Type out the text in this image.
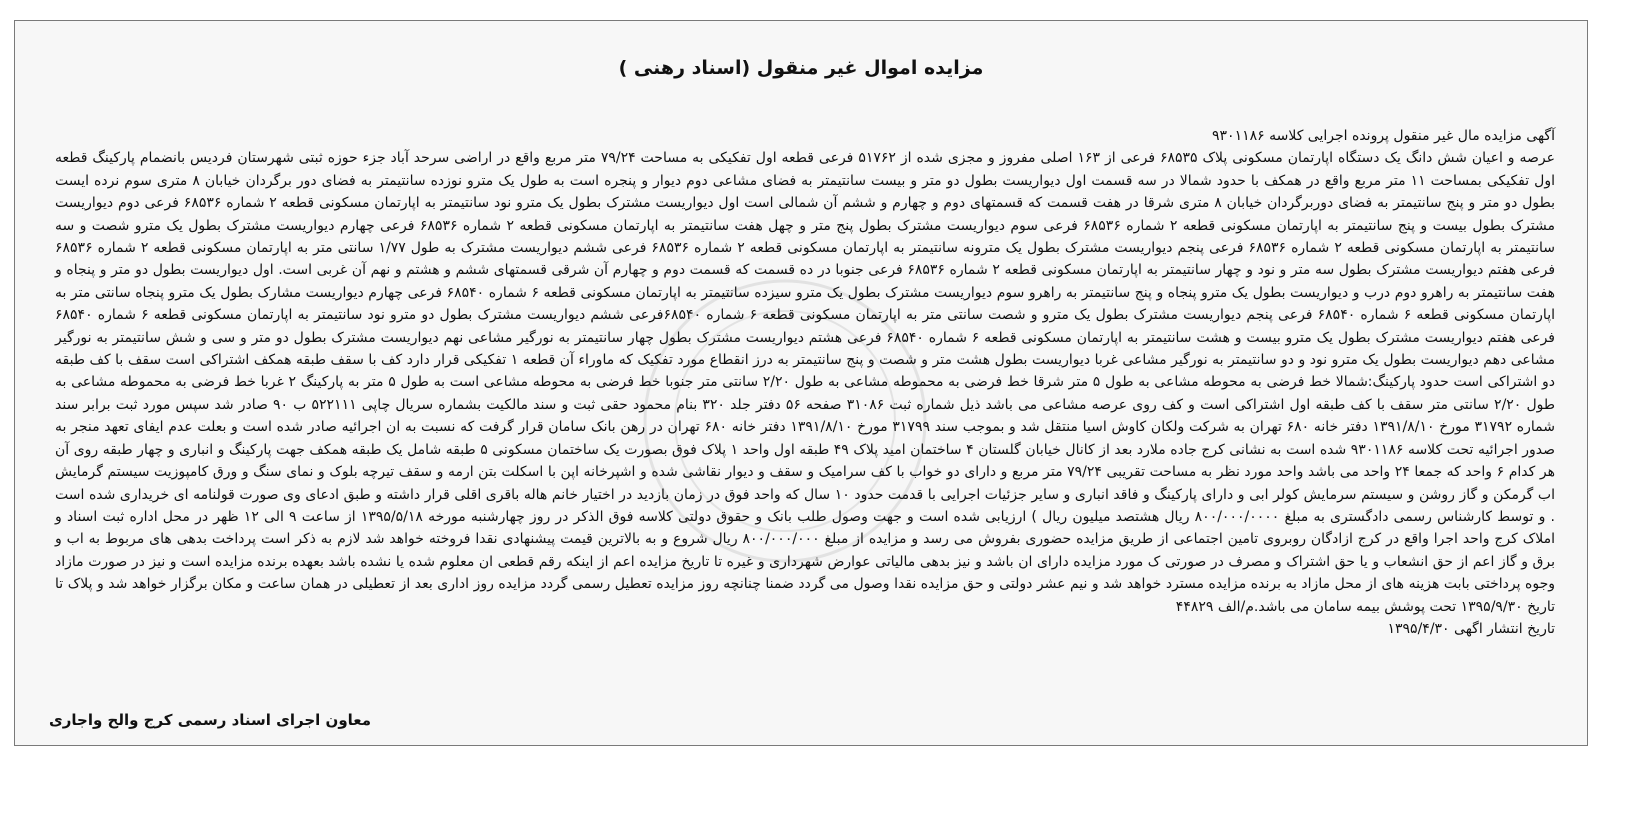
مزایده اموال غیر منقول (اسناد رهنی )

آگهی مزایده مال غیر منقول پرونده اجرایی کلاسه ۹۳۰۱۱۸۶

عرصه و اعیان شش دانگ یک دستگاه اپارتمان مسکونی پلاک ۶۸۵۳۵ فرعی از ۱۶۳ اصلی مفروز و مجزی شده از ۵۱۷۶۲ فرعی قطعه اول تفکیکی به مساحت ۷۹/۲۴ متر مربع واقع در اراضی سرحد آباد جزء حوزه ثبتی شهرستان فردیس بانضمام پارکینگ قطعه اول تفکیکی بمساحت ۱۱ متر مربع واقع در همکف با حدود شمالا در سه قسمت اول دیواریست بطول دو متر و بیست سانتیمتر به فضای مشاعی دوم دیوار و پنجره است به طول یک مترو نوزده سانتیمتر به فضای دور برگردان خیابان ۸ متری سوم نرده ایست بطول دو متر و پنج سانتیمتر به فضای دوربرگردان خیابان ۸ متری شرقا در هفت قسمت که قسمتهای دوم و چهارم و ششم آن شمالی است اول دیواریست مشترک بطول یک مترو نود سانتیمتر به اپارتمان مسکونی قطعه ۲ شماره ۶۸۵۳۶ فرعی دوم دیواریست مشترک بطول بیست و پنج سانتیمتر به اپارتمان مسکونی قطعه ۲ شماره ۶۸۵۳۶ فرعی سوم دیواریست مشترک بطول پنج متر و چهل هفت سانتیمتر به اپارتمان مسکونی قطعه ۲ شماره ۶۸۵۳۶ فرعی چهارم دیواریست مشترک بطول یک مترو شصت و سه سانتیمتر به اپارتمان مسکونی قطعه ۲ شماره ۶۸۵۳۶ فرعی پنجم دیواریست مشترک بطول یک مترونه سانتیمتر به اپارتمان مسکونی قطعه ۲ شماره ۶۸۵۳۶ فرعی ششم دیواریست مشترک به طول ۱/۷۷ سانتی متر به اپارتمان مسکونی قطعه ۲ شماره ۶۸۵۳۶ فرعی هفتم دیواریست مشترک بطول سه متر و نود و چهار سانتیمتر به اپارتمان مسکونی قطعه ۲ شماره ۶۸۵۳۶ فرعی جنوبا در ده قسمت که قسمت دوم و چهارم آن شرقی قسمتهای ششم و هشتم و نهم آن غربی است. اول دیواریست بطول دو متر و پنجاه و هفت سانتیمتر به راهرو دوم درب و دیواریست بطول یک مترو پنجاه و پنج سانتیمتر به راهرو سوم دیواریست مشترک بطول یک مترو سیزده سانتیمتر به اپارتمان مسکونی قطعه ۶ شماره ۶۸۵۴۰ فرعی چهارم دیواریست مشارک بطول یک مترو پنجاه سانتی متر به اپارتمان مسکونی قطعه ۶ شماره ۶۸۵۴۰ فرعی پنجم دیواریست مشترک بطول یک مترو و شصت سانتی متر به اپارتمان مسکونی قطعه ۶ شماره ۶۸۵۴۰فرعی ششم دیواریست مشترک بطول دو مترو نود سانتیمتر به اپارتمان مسکونی قطعه ۶ شماره ۶۸۵۴۰ فرعی هفتم دیواریست مشترک بطول یک مترو بیست و هشت سانتیمتر به اپارتمان مسکونی قطعه ۶ شماره ۶۸۵۴۰ فرعی هشتم دیواریست مشترک بطول چهار سانتیمتر به نورگیر مشاعی نهم دیواریست مشترک بطول دو متر و سی و شش سانتیمتر به نورگیر مشاعی دهم دیواریست بطول یک مترو نود و دو سانتیمتر به نورگیر مشاعی غربا دیواریست بطول هشت متر و شصت و پنج سانتیمتر به درز انقطاع مورد تفکیک که ماوراء آن قطعه ۱ تفکیکی قرار دارد کف با سقف طبقه همکف اشتراکی است سقف با کف طبقه دو اشتراکی است حدود پارکینگ:شمالا خط فرضی به محوطه مشاعی به طول ۵ متر شرقا خط فرضی به محموطه مشاعی به طول ۲/۲۰ سانتی متر جنوبا خط فرضی به محوطه مشاعی است به طول ۵ متر به پارکینگ ۲ غربا خط فرضی به محموطه مشاعی به طول ۲/۲۰ سانتی متر سقف با کف طبقه اول اشتراکی است و کف روی عرصه مشاعی می باشد ذیل شماره ثبت ۳۱۰۸۶ صفحه ۵۶ دفتر جلد ۳۲۰ بنام محمود حقی ثبت و سند مالکیت بشماره سریال چاپی ۵۲۲۱۱۱ ب ۹۰ صادر شد سپس مورد ثبت برابر سند شماره ۳۱۷۹۲ مورخ ۱۳۹۱/۸/۱۰ دفتر خانه ۶۸۰ تهران به شرکت ولکان کاوش اسیا منتقل شد و بموجب سند ۳۱۷۹۹ مورخ ۱۳۹۱/۸/۱۰ دفتر خانه ۶۸۰ تهران در رهن بانک سامان قرار گرفت که نسبت به ان اجرائیه صادر شده است و بعلت عدم ایفای تعهد منجر به صدور اجرائیه تحت کلاسه ۹۳۰۱۱۸۶ شده است به نشانی کرج جاده ملارد بعد از کانال خیابان گلستان ۴ ساختمان امید پلاک ۴۹ طبقه اول واحد ۱ پلاک فوق بصورت یک ساختمان مسکونی ۵ طبقه شامل یک طبقه همکف جهت پارکینگ و انباری و چهار طبقه روی آن هر کدام ۶ واحد که جمعا ۲۴ واحد می باشد واحد مورد نظر به مساحت تقریبی ۷۹/۲۴ متر مربع و دارای دو خواب با کف سرامیک و سقف و دیوار نقاشی شده و اشپرخانه اپن با اسکلت بتن ارمه و سقف تیرچه بلوک و نمای سنگ و ورق کامپوزیت سیستم گرمایش اب گرمکن و گاز روشن و سیستم سرمایش کولر ابی و دارای پارکینگ و فاقد انباری و سایر جزئیات اجرایی با قدمت حدود ۱۰ سال که واحد فوق در زمان بازدید در اختیار خانم هاله باقری اقلی قرار داشته و طبق ادعای وی صورت قولنامه ای خریداری شده است . و توسط کارشناس رسمی دادگستری به مبلغ ۸۰۰/۰۰۰/۰۰۰۰ ریال هشتصد میلیون ریال ) ارزیابی شده است و جهت وصول طلب بانک و حقوق دولتی کلاسه فوق الذکر در روز چهارشنبه مورخه ۱۳۹۵/۵/۱۸ از ساعت ۹ الی ۱۲ ظهر در محل اداره ثبت اسناد و املاک کرج واحد اجرا واقع در کرج ازادگان روبروی تامین اجتماعی از طریق مزایده حضوری بفروش می رسد و مزایده از مبلغ ۸۰۰/۰۰۰/۰۰۰ ریال شروع و به بالاترین قیمت پیشنهادی نقدا فروخته خواهد شد لازم به ذکر است پرداخت بدهی های مربوط به اب و برق و گاز اعم از حق انشعاب و یا حق اشتراک و مصرف در صورتی ک مورد مزایده دارای ان باشد و نیز بدهی مالیاتی عوارض شهرداری و غیره تا تاریخ مزایده اعم از اینکه رقم قطعی ان معلوم شده یا نشده باشد بعهده برنده مزایده است و نیز در صورت مازاد وجوه پرداختی بابت هزینه های از محل مازاد به برنده مزایده مسترد خواهد شد و نیم عشر دولتی و حق مزایده نقدا وصول می گردد ضمنا چنانچه روز مزایده تعطیل رسمی گردد مزایده روز اداری بعد از تعطیلی در همان ساعت و مکان برگزار خواهد شد و پلاک تا تاریخ ۱۳۹۵/۹/۳۰ تحت پوشش بیمه سامان می باشد.م/الف ۴۴۸۲۹

تاریخ انتشار اگهی ۱۳۹۵/۴/۳۰

معاون اجرای اسناد رسمی کرج والح واجاری
